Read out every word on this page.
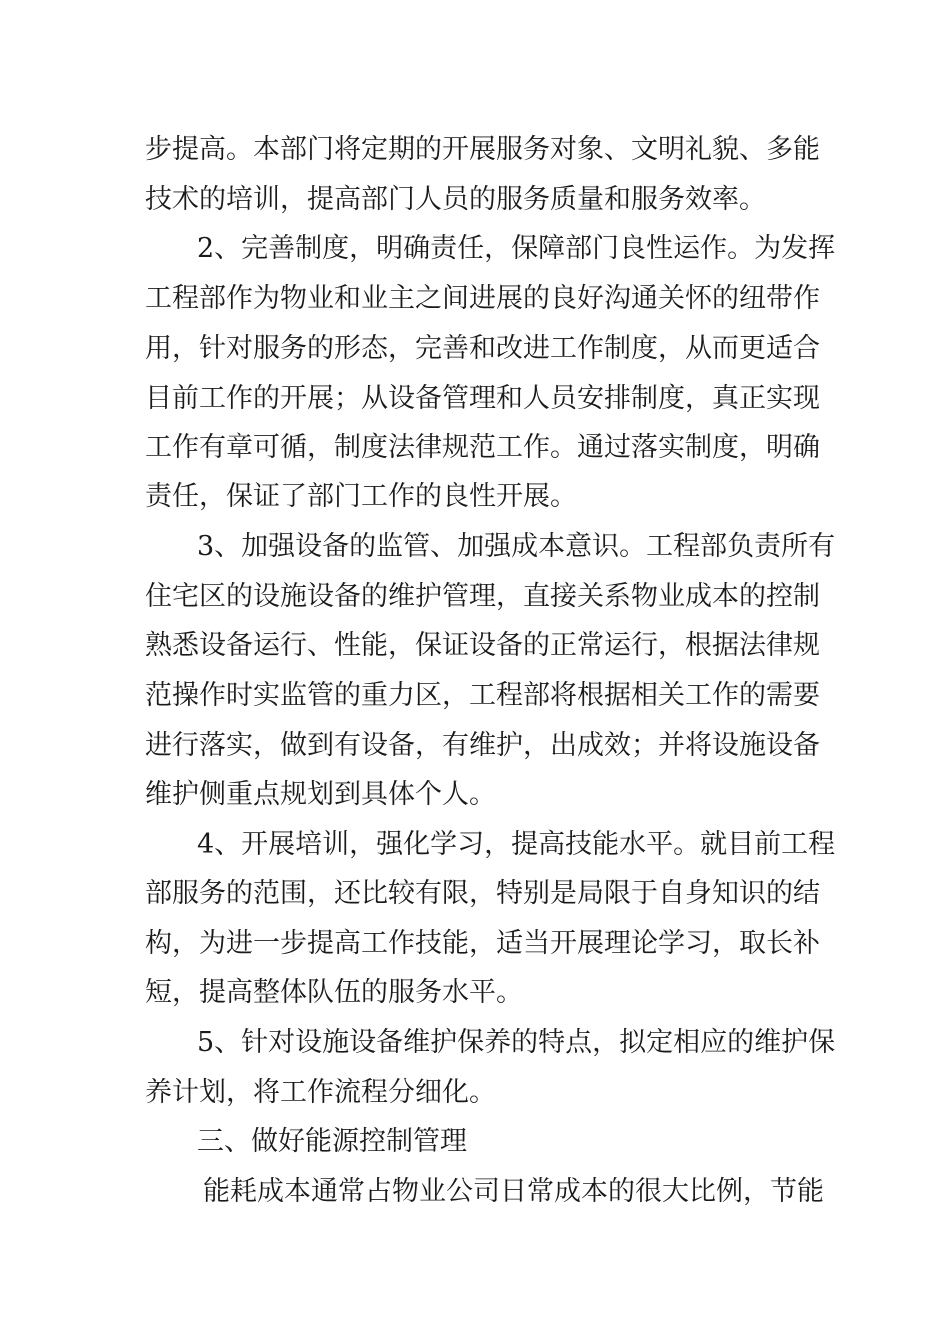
步提高。本部门将定期的开展服务对象、文明礼貌、多能

技术的培训，提高部门人员的服务质量和服务效率。

2、完善制度，明确责任，保障部门良性运作。为发挥

工程部作为物业和业主之间进展的良好沟通关怀的纽带作

用，针对服务的形态，完善和改进工作制度，从而更适合

目前工作的开展；从设备管理和人员安排制度，真正实现

工作有章可循，制度法律规范工作。通过落实制度，明确

责任，保证了部门工作的良性开展。

3、加强设备的监管、加强成本意识。工程部负责所有

住宅区的设施设备的维护管理，直接关系物业成本的控制

熟悉设备运行、性能，保证设备的正常运行，根据法律规

范操作时实监管的重力区，工程部将根据相关工作的需要

进行落实，做到有设备，有维护，出成效；并将设施设备

维护侧重点规划到具体个人。

4、开展培训，强化学习，提高技能水平。就目前工程

部服务的范围，还比较有限，特别是局限于自身知识的结

构，为进一步提高工作技能，适当开展理论学习，取长补

短，提高整体队伍的服务水平。

5、针对设施设备维护保养的特点，拟定相应的维护保

养计划，将工作流程分细化。

三、做好能源控制管理

能耗成本通常占物业公司日常成本的很大比例，节能
